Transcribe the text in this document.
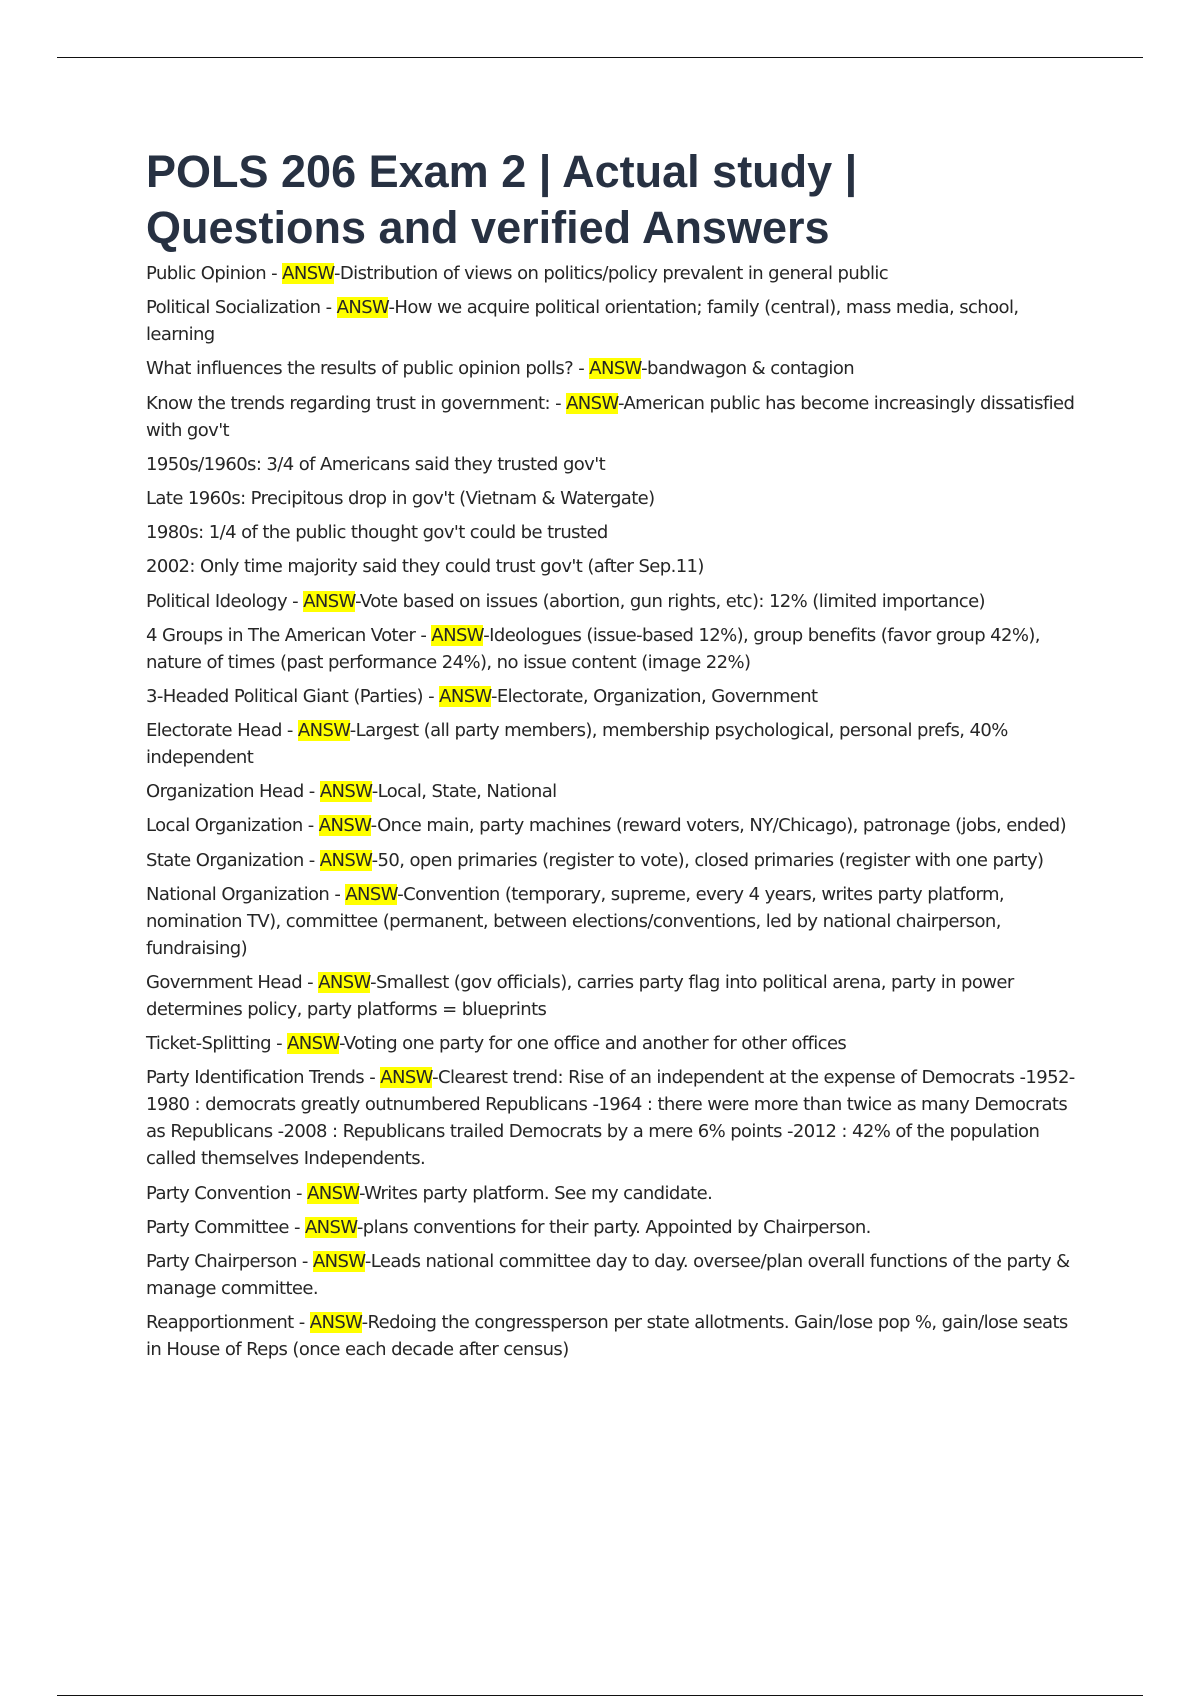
POLS 206 Exam 2 | Actual study | Questions and verified Answers
Public Opinion - ANSW-Distribution of views on politics/policy prevalent in general public
Political Socialization - ANSW-How we acquire political orientation; family (central), mass media, school, learning
What influences the results of public opinion polls? - ANSW-bandwagon & contagion
Know the trends regarding trust in government: - ANSW-American public has become increasingly dissatisfied with gov't
1950s/1960s: 3/4 of Americans said they trusted gov't
Late 1960s: Precipitous drop in gov't (Vietnam & Watergate)
1980s: 1/4 of the public thought gov't could be trusted
2002: Only time majority said they could trust gov't (after Sep.11)
Political Ideology - ANSW-Vote based on issues (abortion, gun rights, etc): 12% (limited importance)
4 Groups in The American Voter - ANSW-Ideologues (issue-based 12%), group benefits (favor group 42%), nature of times (past performance 24%), no issue content (image 22%)
3-Headed Political Giant (Parties) - ANSW-Electorate, Organization, Government
Electorate Head - ANSW-Largest (all party members), membership psychological, personal prefs, 40% independent
Organization Head - ANSW-Local, State, National
Local Organization - ANSW-Once main, party machines (reward voters, NY/Chicago), patronage (jobs, ended)
State Organization - ANSW-50, open primaries (register to vote), closed primaries (register with one party)
National Organization - ANSW-Convention (temporary, supreme, every 4 years, writes party platform, nomination TV), committee (permanent, between elections/conventions, led by national chairperson, fundraising)
Government Head - ANSW-Smallest (gov officials), carries party flag into political arena, party in power determines policy, party platforms = blueprints
Ticket-Splitting - ANSW-Voting one party for one office and another for other offices
Party Identification Trends - ANSW-Clearest trend: Rise of an independent at the expense of Democrats -1952-1980 : democrats greatly outnumbered Republicans -1964 : there were more than twice as many Democrats as Republicans -2008 : Republicans trailed Democrats by a mere 6% points -2012 : 42% of the population called themselves Independents.
Party Convention - ANSW-Writes party platform. See my candidate.
Party Committee - ANSW-plans conventions for their party. Appointed by Chairperson.
Party Chairperson - ANSW-Leads national committee day to day. oversee/plan overall functions of the party & manage committee.
Reapportionment - ANSW-Redoing the congressperson per state allotments. Gain/lose pop %, gain/lose seats in House of Reps (once each decade after census)
